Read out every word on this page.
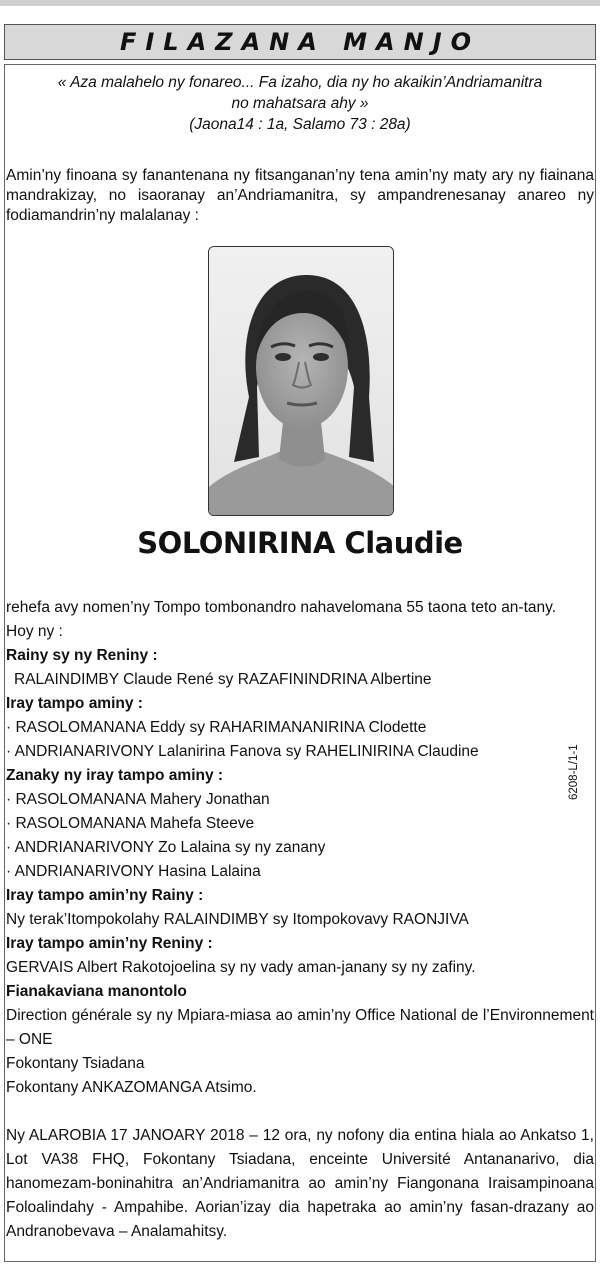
FILAZANA MANJO
« Aza malahelo ny fonareo... Fa izaho, dia ny ho akaikin’Andriamanitra
no mahatsara ahy »
(Jaona14 : 1a, Salamo 73 : 28a)
Amin’ny finoana sy fanantenana ny fitsanganan’ny tena amin’ny maty ary ny fiainana mandrakizay, no isaoranay an’Andriamanitra, sy ampandrenesanay anareo ny fodiamandrin’ny malalanay :
SOLONIRINA Claudie
rehefa avy nomen’ny Tompo tombonandro nahavelomana 55 taona teto an-tany.
Hoy ny :
Rainy sy ny Reniny :
RALAINDIMBY Claude René sy RAZAFININDRINA Albertine
Iray tampo aminy :
· RASOLOMANANA Eddy sy RAHARIMANANIRINA Clodette
· ANDRIANARIVONY Lalanirina Fanova sy RAHELINIRINA Claudine
Zanaky ny iray tampo aminy :
· RASOLOMANANA Mahery Jonathan
· RASOLOMANANA Mahefa Steeve
· ANDRIANARIVONY Zo Lalaina sy ny zanany
· ANDRIANARIVONY Hasina Lalaina
Iray tampo amin’ny Rainy :
Ny terak’Itompokolahy RALAINDIMBY sy Itompokovavy RAONJIVA
Iray tampo amin’ny Reniny :
GERVAIS Albert Rakotojoelina sy ny vady aman-janany sy ny zafiny.
Fianakaviana manontolo
Direction générale sy ny Mpiara-miasa ao amin’ny Office National de l’Environnement – ONE
Fokontany Tsiadana
Fokontany ANKAZOMANGA Atsimo.
Ny ALAROBIA 17 JANOARY 2018 – 12 ora, ny nofony dia entina hiala ao Ankatso 1, Lot VA38 FHQ, Fokontany Tsiadana, enceinte Université Antananarivo, dia hanomezam-boninahitra an’Andriamanitra ao amin’ny Fiangonana Iraisampinoana Foloalindahy - Ampahibe. Aorian’izay dia hapetraka ao amin’ny fasan-drazany ao Andranobevava – Analamahitsy.
6208-L/1-1
